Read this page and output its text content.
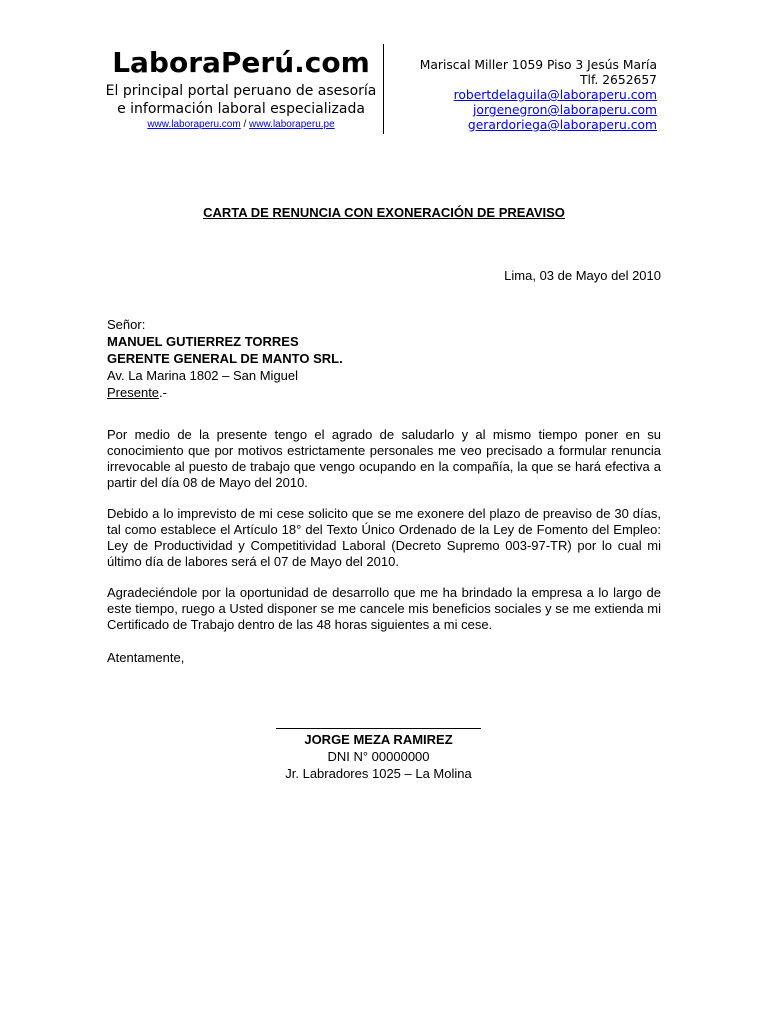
LaboraPerú.com
El principal portal peruano de asesoría
e información laboral especializada
www.laboraperu.com / www.laboraperu.pe
Mariscal Miller 1059 Piso 3 Jesús María
Tlf. 2652657
robertdelaguila@laboraperu.com
jorgenegron@laboraperu.com
gerardoriega@laboraperu.com
CARTA DE RENUNCIA CON EXONERACIÓN DE PREAVISO
Lima, 03 de Mayo del 2010
Señor:
MANUEL GUTIERREZ TORRES
GERENTE GENERAL DE MANTO SRL.
Av. La Marina 1802 – San Miguel
Presente.-

Por medio de la presente tengo el agrado de saludarlo y al mismo tiempo poner en su conocimiento que por motivos estrictamente personales me veo precisado a formular renuncia irrevocable al puesto de trabajo que vengo ocupando en la compañía, la que se hará efectiva a partir del día 08 de Mayo del 2010.

Debido a lo imprevisto de mi cese solicito que se me exonere del plazo de preaviso de 30 días, tal como establece el Artículo 18° del Texto Único Ordenado de la Ley de Fomento del Empleo: Ley de Productividad y Competitividad Laboral (Decreto Supremo 003-97-TR) por lo cual mi último día de labores será el 07 de Mayo del 2010.

Agradeciéndole por la oportunidad de desarrollo que me ha brindado la empresa a lo largo de este tiempo, ruego a Usted disponer se me cancele mis beneficios sociales y se me extienda mi Certificado de Trabajo dentro de las 48 horas siguientes a mi cese.

Atentamente,
JORGE MEZA RAMIREZ
DNI N° 00000000
Jr. Labradores 1025 – La Molina
